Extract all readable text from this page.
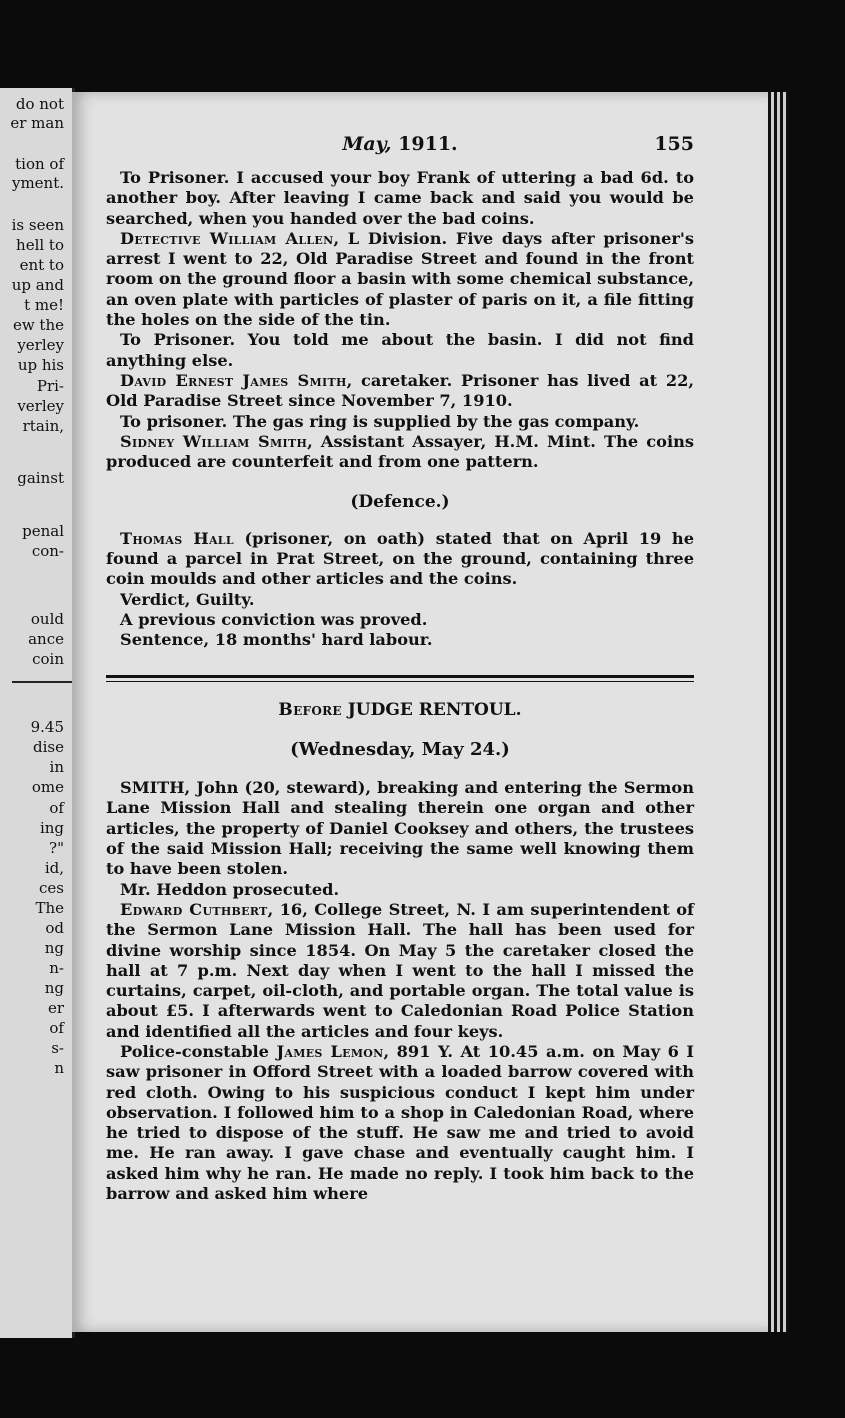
do not
er man
tion of
yment.
is seen
hell to
ent to
up and
t me!
ew the
yerley
up his
Pri-
verley
rtain,
gainst
penal
con-
ould
ance
coin
9.45
dise
in
ome
of
ing
?"
id,
ces
The
od
ng
n-
ng
er
of
s-
n
May, 1911.	155

To Prisoner. I accused your boy Frank of uttering a bad 6d. to another boy. After leaving I came back and said you would be searched, when you handed over the bad coins.

Detective William Allen, L Division. Five days after prisoner's arrest I went to 22, Old Paradise Street and found in the front room on the ground floor a basin with some chemical substance, an oven plate with particles of plaster of paris on it, a file fitting the holes on the side of the tin.

To Prisoner. You told me about the basin. I did not find anything else.

David Ernest James Smith, caretaker. Prisoner has lived at 22, Old Paradise Street since November 7, 1910.

To prisoner. The gas ring is supplied by the gas company.

Sidney William Smith, Assistant Assayer, H.M. Mint. The coins produced are counterfeit and from one pattern.

(Defence.)

Thomas Hall (prisoner, on oath) stated that on April 19 he found a parcel in Prat Street, on the ground, containing three coin moulds and other articles and the coins.

Verdict, Guilty.

A previous conviction was proved.

Sentence, 18 months' hard labour.

Before JUDGE RENTOUL.

(Wednesday, May 24.)

SMITH, John (20, steward), breaking and entering the Sermon Lane Mission Hall and stealing therein one organ and other articles, the property of Daniel Cooksey and others, the trustees of the said Mission Hall; receiving the same well knowing them to have been stolen.

Mr. Heddon prosecuted.

Edward Cuthbert, 16, College Street, N. I am superintendent of the Sermon Lane Mission Hall. The hall has been used for divine worship since 1854. On May 5 the caretaker closed the hall at 7 p.m. Next day when I went to the hall I missed the curtains, carpet, oil-cloth, and portable organ. The total value is about £5. I afterwards went to Caledonian Road Police Station and identified all the articles and four keys.

Police-constable James Lemon, 891 Y. At 10.45 a.m. on May 6 I saw prisoner in Offord Street with a loaded barrow covered with red cloth. Owing to his suspicious conduct I kept him under observation. I followed him to a shop in Caledonian Road, where he tried to dispose of the stuff. He saw me and tried to avoid me. He ran away. I gave chase and eventually caught him. I asked him why he ran. He made no reply. I took him back to the barrow and asked him where
